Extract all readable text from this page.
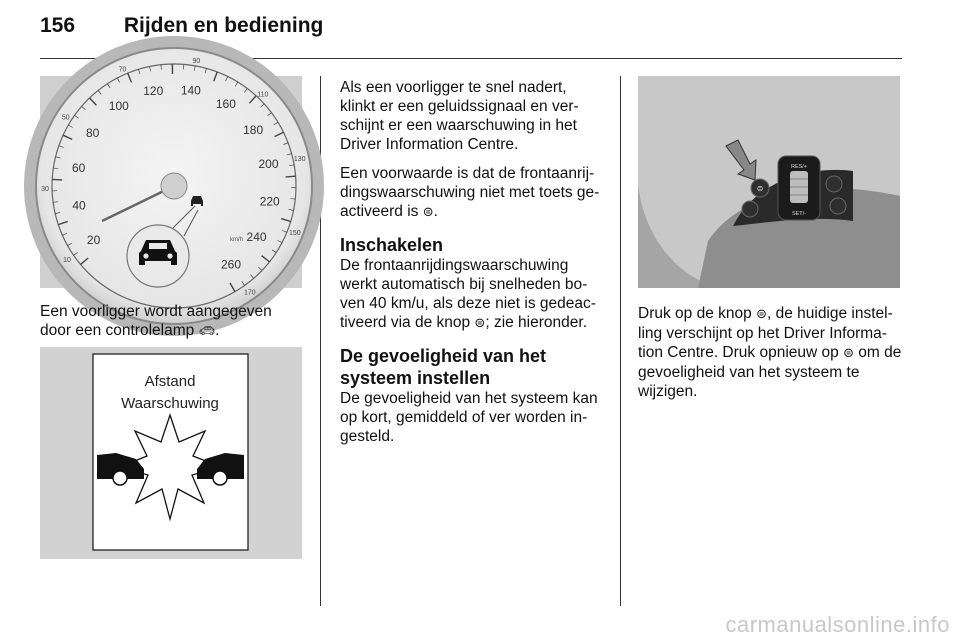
156 Rijden en bediening
10
30
50
70
90
110
130
150
170
20
40
60
80
100
120 140
160
180
200
220
240
260
km/h
Een voorligger wordt aangegeven door een controlelamp 🚗︎.
Afstand
Waarschuwing

Als een voorligger te snel nadert, klinkt er een geluidssignaal en ver-schijnt er een waarschuwing in het Driver Information Centre.

Een voorwaarde is dat de frontaanrij-dingswaarschuwing niet met toets ge-activeerd is ⊜.

Inschakelen

De frontaanrijdingswaarschuwing werkt automatisch bij snelheden bo-ven 40 km/u, als deze niet is gedeac-tiveerd via de knop ⊜; zie hieronder.

De gevoeligheid van het systeem instellen

De gevoeligheid van het systeem kan op kort, gemiddeld of ver worden in-gesteld.

RES/+
SET/-
⊜
Druk op de knop ⊜, de huidige instel-ling verschijnt op het Driver Informa-tion Centre. Druk opnieuw op ⊜ om de gevoeligheid van het systeem te wijzigen.
carmanualsonline.info
